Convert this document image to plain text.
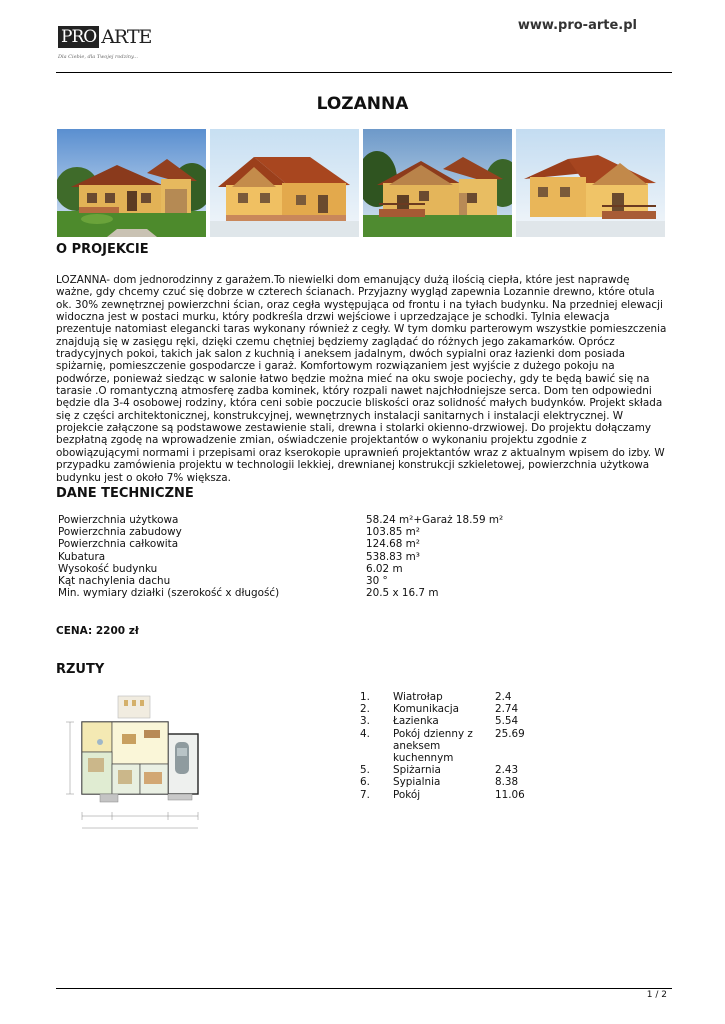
PRO ARTE
Dla Ciebie, dla Twojej rodziny...
www.pro-arte.pl
LOZANNA
O PROJEKCIE

LOZANNA- dom jednorodzinny z garażem.To niewielki dom emanujący dużą ilością ciepła, które jest naprawdę ważne, gdy chcemy czuć się dobrze w czterech ścianach. Przyjazny wygląd zapewnia Lozannie drewno, które otula ok. 30% zewnętrznej powierzchni ścian, oraz cegła występująca od frontu i na tyłach budynku. Na przedniej elewacji widoczna jest w postaci murku, który podkreśla drzwi wejściowe i uprzedzające je schodki. Tylnia elewacja prezentuje natomiast elegancki taras wykonany również z cegły. W tym domku parterowym wszystkie pomieszczenia znajdują się w zasięgu ręki, dzięki czemu chętniej będziemy zaglądać do różnych jego zakamarków. Oprócz tradycyjnych pokoi, takich jak salon z kuchnią i aneksem jadalnym, dwóch sypialni oraz łazienki dom posiada spiżarnię, pomieszczenie gospodarcze i garaż. Komfortowym rozwiązaniem jest wyjście z dużego pokoju na podwórze, ponieważ siedząc w salonie łatwo będzie można mieć na oku swoje pociechy, gdy te będą bawić się na tarasie .O romantyczną atmosferę zadba kominek, który rozpali nawet najchłodniejsze serca. Dom ten odpowiedni będzie dla 3-4 osobowej rodziny, która ceni sobie poczucie bliskości oraz solidność małych budynków. Projekt składa się z części architektonicznej, konstrukcyjnej, wewnętrznych instalacji sanitarnych i instalacji elektrycznej. W projekcie załączone są podstawowe zestawienie stali, drewna i stolarki okienno-drzwiowej. Do projektu dołączamy bezpłatną zgodę na wprowadzenie zmian, oświadczenie projektantów o wykonaniu projektu zgodnie z obowiązującymi normami i przepisami oraz kserokopie uprawnień projektantów wraz z aktualnym wpisem do izby. W przypadku zamówienia projektu w technologii lekkiej, drewnianej konstrukcji szkieletowej, powierzchnia użytkowa budynku jest o około 7% większa.

DANE TECHNICZNE
Powierzchnia użytkowa	58.24 m²+Garaż 18.59 m²
Powierzchnia zabudowy	103.85 m²
Powierzchnia całkowita	124.68 m²
Kubatura	538.83 m³
Wysokość budynku	6.02 m
Kąt nachylenia dachu	30 °
Min. wymiary działki (szerokość x długość)	20.5 x 16.7 m
CENA: 2200 zł
RZUTY
1.	Wiatrołap	2.4
2.	Komunikacja	2.74
3.	Łazienka	5.54
4.	Pokój dzienny z aneksem kuchennym	25.69
5.	Spiżarnia	2.43
6.	Sypialnia	8.38
7.	Pokój	11.06
1 / 2
